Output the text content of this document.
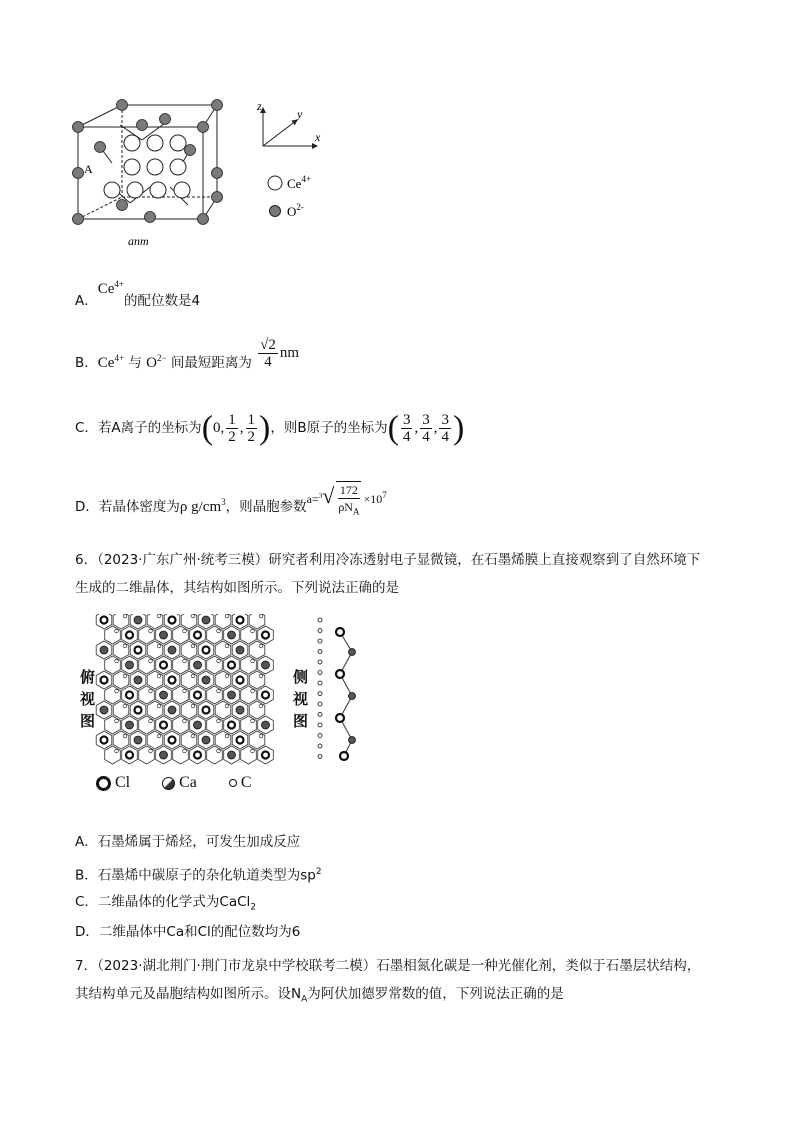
A
anm
z
y
x
$Ce^{4+}$
$O^{2-}$
A．$Ce^{4+}$的配位数是4
B．$Ce^{4+}$ 与 $O^{2-}$ 间最短距离为 $\frac{√2}{4}$ nm
C．若A离子的坐标为(0, $\frac{1}{2}$ , $\frac{1}{2}$ )，则B原子的坐标为( $\frac{3}{4}$ , $\frac{3}{4}$ , $\frac{3}{4}$ )
D．若晶体密度为ρ $g/cm^3$，则晶胞参数$a=^3√ \frac{172}{\rho N_A} \times 10^7$
6．（2023·广东广州·统考三模）研究者利用冷冻透射电子显微镜，在石墨烯膜上直接观察到了自然环境下
生成的二维晶体，其结构如图所示。下列说法正确的是
俯
视
图
侧
视
图
Cl	Ca	C
A．石墨烯属于烯烃，可发生加成反应
B．石墨烯中碳原子的杂化轨道类型为$sp^2$
C．二维晶体的化学式为CaCl$_2$
D．二维晶体中Ca和Cl的配位数均为6
7．（2023·湖北荆门·荆门市龙泉中学校联考二模）石墨相氮化碳是一种光催化剂，类似于石墨层状结构，
其结构单元及晶胞结构如图所示。设$N_A$为阿伏加德罗常数的值，下列说法正确的是
